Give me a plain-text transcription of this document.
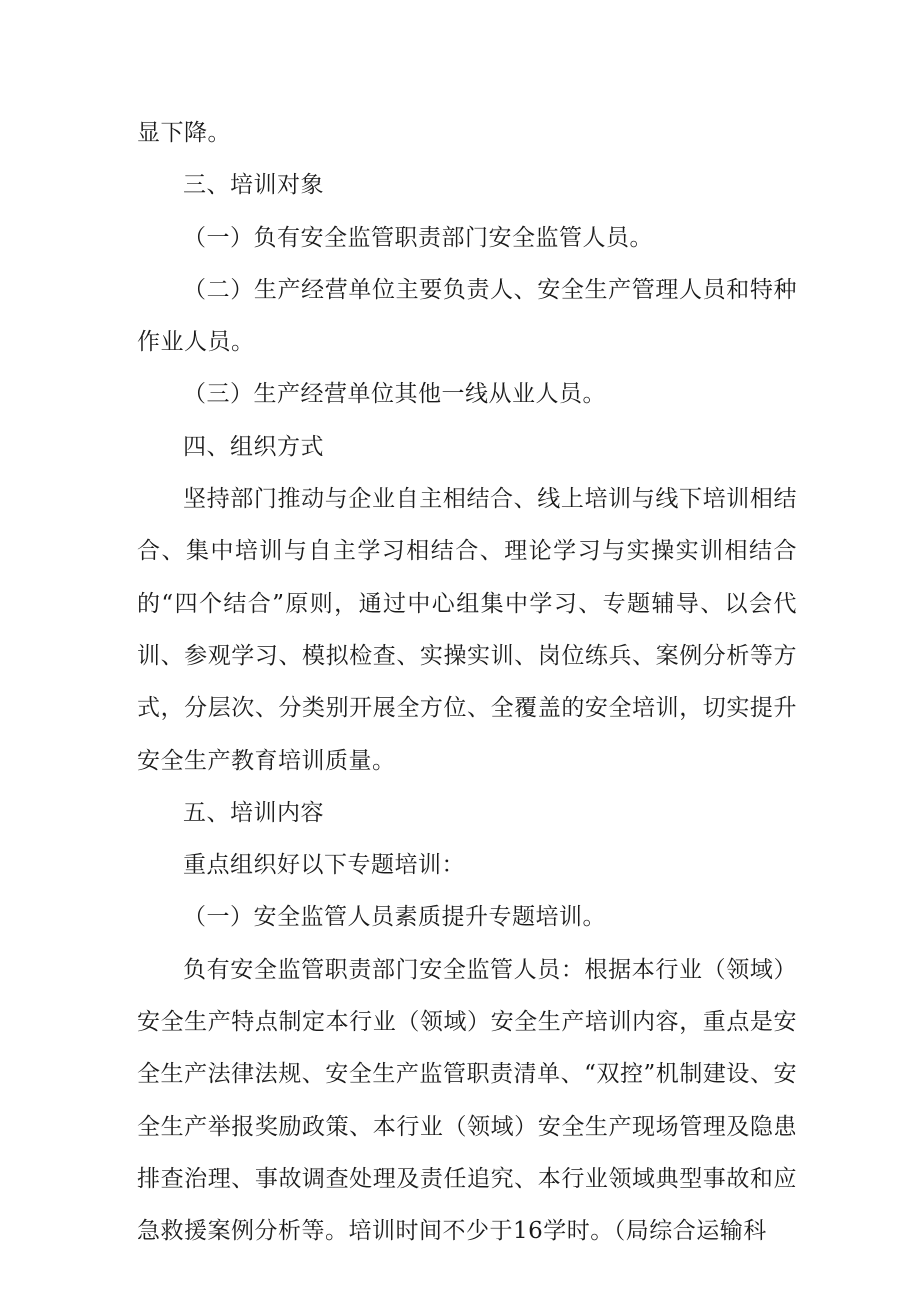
显下降。

三、培训对象

（一）负有安全监管职责部门安全监管人员。

（二）生产经营单位主要负责人、安全生产管理人员和特种作业人员。

（三）生产经营单位其他一线从业人员。

四、组织方式

坚持部门推动与企业自主相结合、线上培训与线下培训相结合、集中培训与自主学习相结合、理论学习与实操实训相结合的“四个结合”原则，通过中心组集中学习、专题辅导、以会代训、参观学习、模拟检查、实操实训、岗位练兵、案例分析等方式，分层次、分类别开展全方位、全覆盖的安全培训，切实提升安全生产教育培训质量。

五、培训内容

重点组织好以下专题培训：

（一）安全监管人员素质提升专题培训。

负有安全监管职责部门安全监管人员：根据本行业（领域）安全生产特点制定本行业（领域）安全生产培训内容，重点是安全生产法律法规、安全生产监管职责清单、“双控”机制建设、安全生产举报奖励政策、本行业（领域）安全生产现场管理及隐患排查治理、事故调查处理及责任追究、本行业领域典型事故和应急救援案例分析等。培训时间不少于16学时。（局综合运输科
